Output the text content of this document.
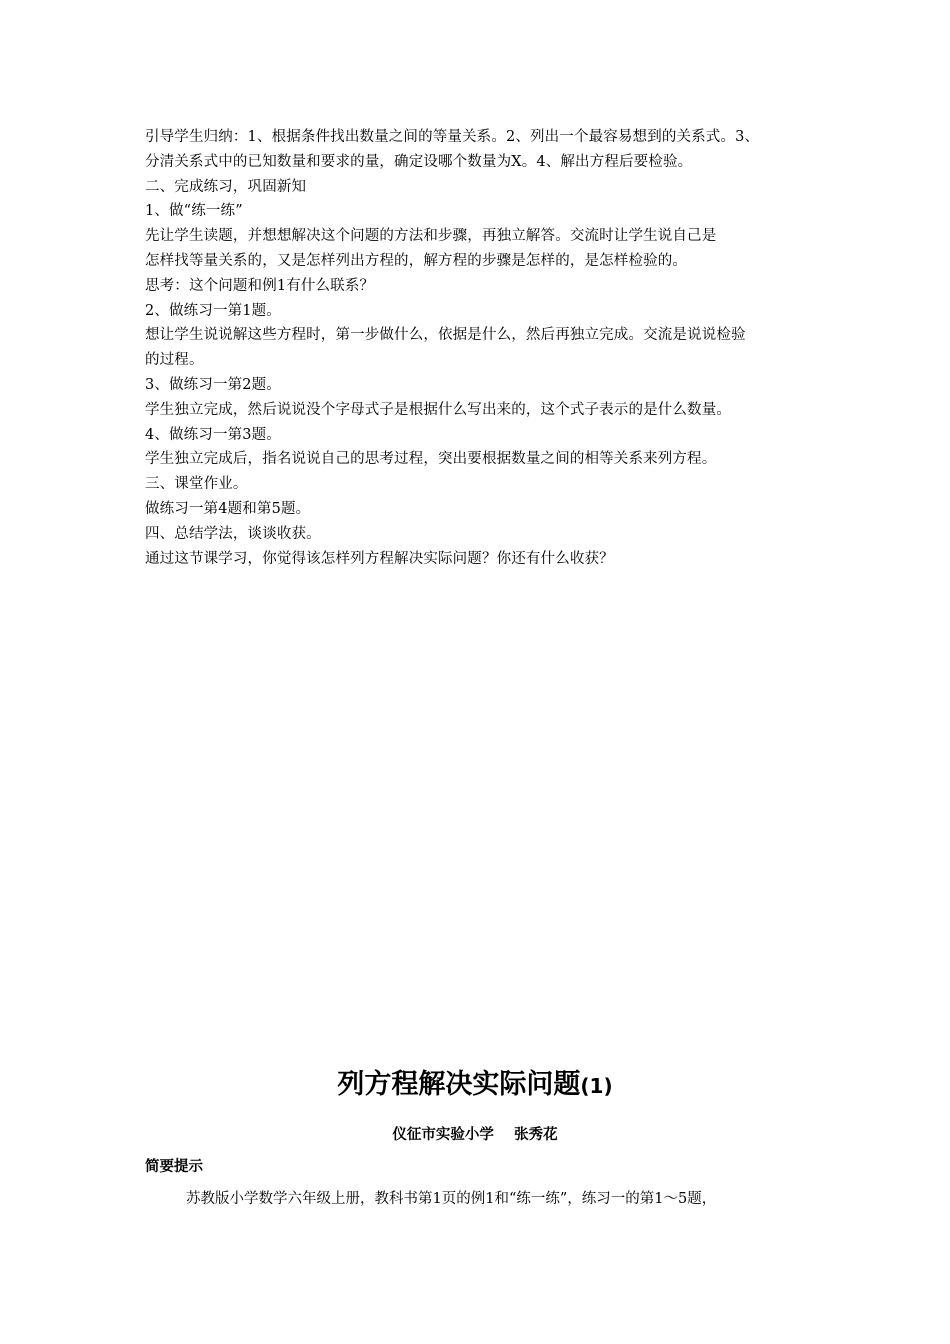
引导学生归纳：1、根据条件找出数量之间的等量关系。2、列出一个最容易想到的关系式。3、
分清关系式中的已知数量和要求的量，确定设哪个数量为X。4、解出方程后要检验。
二、完成练习，巩固新知
1、做“练一练”
先让学生读题，并想想解决这个问题的方法和步骤，再独立解答。交流时让学生说自己是
怎样找等量关系的，又是怎样列出方程的，解方程的步骤是怎样的，是怎样检验的。
思考：这个问题和例1有什么联系？
2、做练习一第1题。
想让学生说说解这些方程时，第一步做什么，依据是什么，然后再独立完成。交流是说说检验
的过程。
3、做练习一第2题。
学生独立完成，然后说说没个字母式子是根据什么写出来的，这个式子表示的是什么数量。
4、做练习一第3题。
学生独立完成后，指名说说自己的思考过程，突出要根据数量之间的相等关系来列方程。
三、课堂作业。
做练习一第4题和第5题。
四、总结学法，谈谈收获。
通过这节课学习，你觉得该怎样列方程解决实际问题？你还有什么收获？
列方程解决实际问题(1)
仪征市实验小学    张秀花
简要提示
苏教版小学数学六年级上册，教科书第1页的例1和“练一练”，练习一的第1～5题，
